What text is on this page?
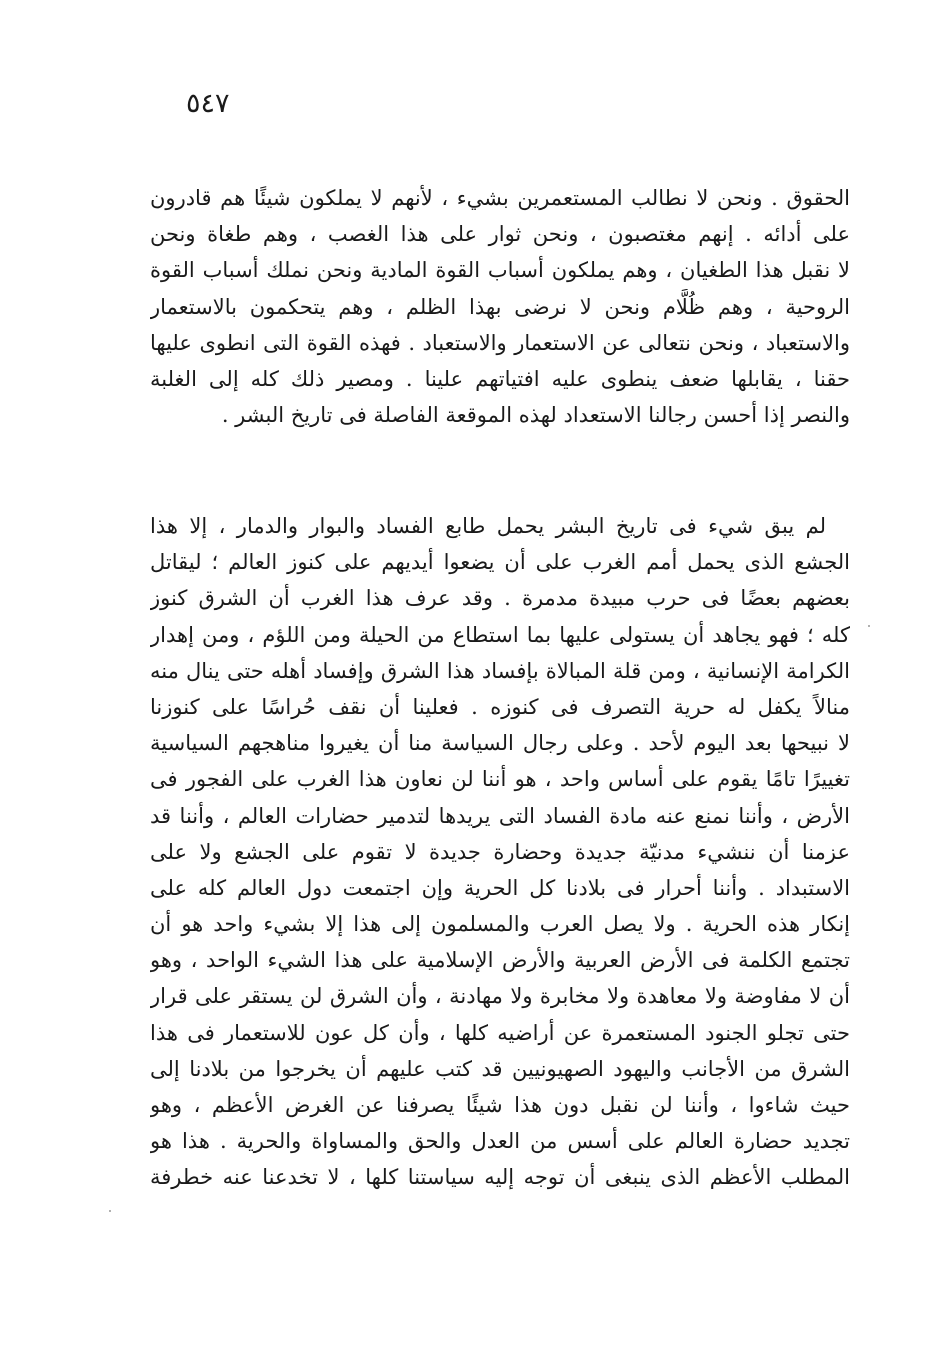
٥٤٧
الحقوق . ونحن لا نطالب المستعمرين بشيء ، لأنهم لا يملكون شيئًا هم قادرون
على أدائه . إنهم مغتصبون ، ونحن ثوار على هذا الغصب ، وهم طغاة ونحن
لا نقبل هذا الطغيان ، وهم يملكون أسباب القوة المادية ونحن نملك أسباب القوة
الروحية ، وهم ظُلَّام ونحن لا نرضى بهذا الظلم ، وهم يتحكمون بالاستعمار
والاستعباد ، ونحن نتعالى عن الاستعمار والاستعباد . فهذه القوة التى انطوى عليها
حقنا ، يقابلها ضعف ينطوى عليه افتياتهم علينا . ومصير ذلك كله إلى الغلبة
والنصر إذا أحسن رجالنا الاستعداد لهذه الموقعة الفاصلة فى تاريخ البشر .
لم يبق شيء فى تاريخ البشر يحمل طابع الفساد والبوار والدمار ، إلا هذا
الجشع الذى يحمل أمم الغرب على أن يضعوا أيديهم على كنوز العالم ؛ ليقاتل
بعضهم بعضًا فى حرب مبيدة مدمرة . وقد عرف هذا الغرب أن الشرق كنوز
كله ؛ فهو يجاهد أن يستولى عليها بما استطاع من الحيلة ومن اللؤم ، ومن إهدار
الكرامة الإنسانية ، ومن قلة المبالاة بإفساد هذا الشرق وإفساد أهله حتى ينال منه
منالاً يكفل له حرية التصرف فى كنوزه . فعلينا أن نقف حُراسًا على كنوزنا
لا نبيحها بعد اليوم لأحد . وعلى رجال السياسة منا أن يغيروا مناهجهم السياسية
تغييرًا تامًا يقوم على أساس واحد ، هو أننا لن نعاون هذا الغرب على الفجور فى
الأرض ، وأننا نمنع عنه مادة الفساد التى يريدها لتدمير حضارات العالم ، وأننا قد
عزمنا أن ننشيء مدنيّة جديدة وحضارة جديدة لا تقوم على الجشع ولا على
الاستبداد . وأننا أحرار فى بلادنا كل الحرية وإن اجتمعت دول العالم كله على
إنكار هذه الحرية . ولا يصل العرب والمسلمون إلى هذا إلا بشيء واحد هو أن
تجتمع الكلمة فى الأرض العربية والأرض الإسلامية على هذا الشيء الواحد ، وهو
أن لا مفاوضة ولا معاهدة ولا مخابرة ولا مهادنة ، وأن الشرق لن يستقر على قرار
حتى تجلو الجنود المستعمرة عن أراضيه كلها ، وأن كل عون للاستعمار فى هذا
الشرق من الأجانب واليهود الصهيونيين قد كتب عليهم أن يخرجوا من بلادنا إلى
حيث شاءوا ، وأننا لن نقبل دون هذا شيئًا يصرفنا عن الغرض الأعظم ، وهو
تجديد حضارة العالم على أسس من العدل والحق والمساواة والحرية . هذا هو
المطلب الأعظم الذى ينبغى أن توجه إليه سياستنا كلها ، لا تخدعنا عنه خطرفة
